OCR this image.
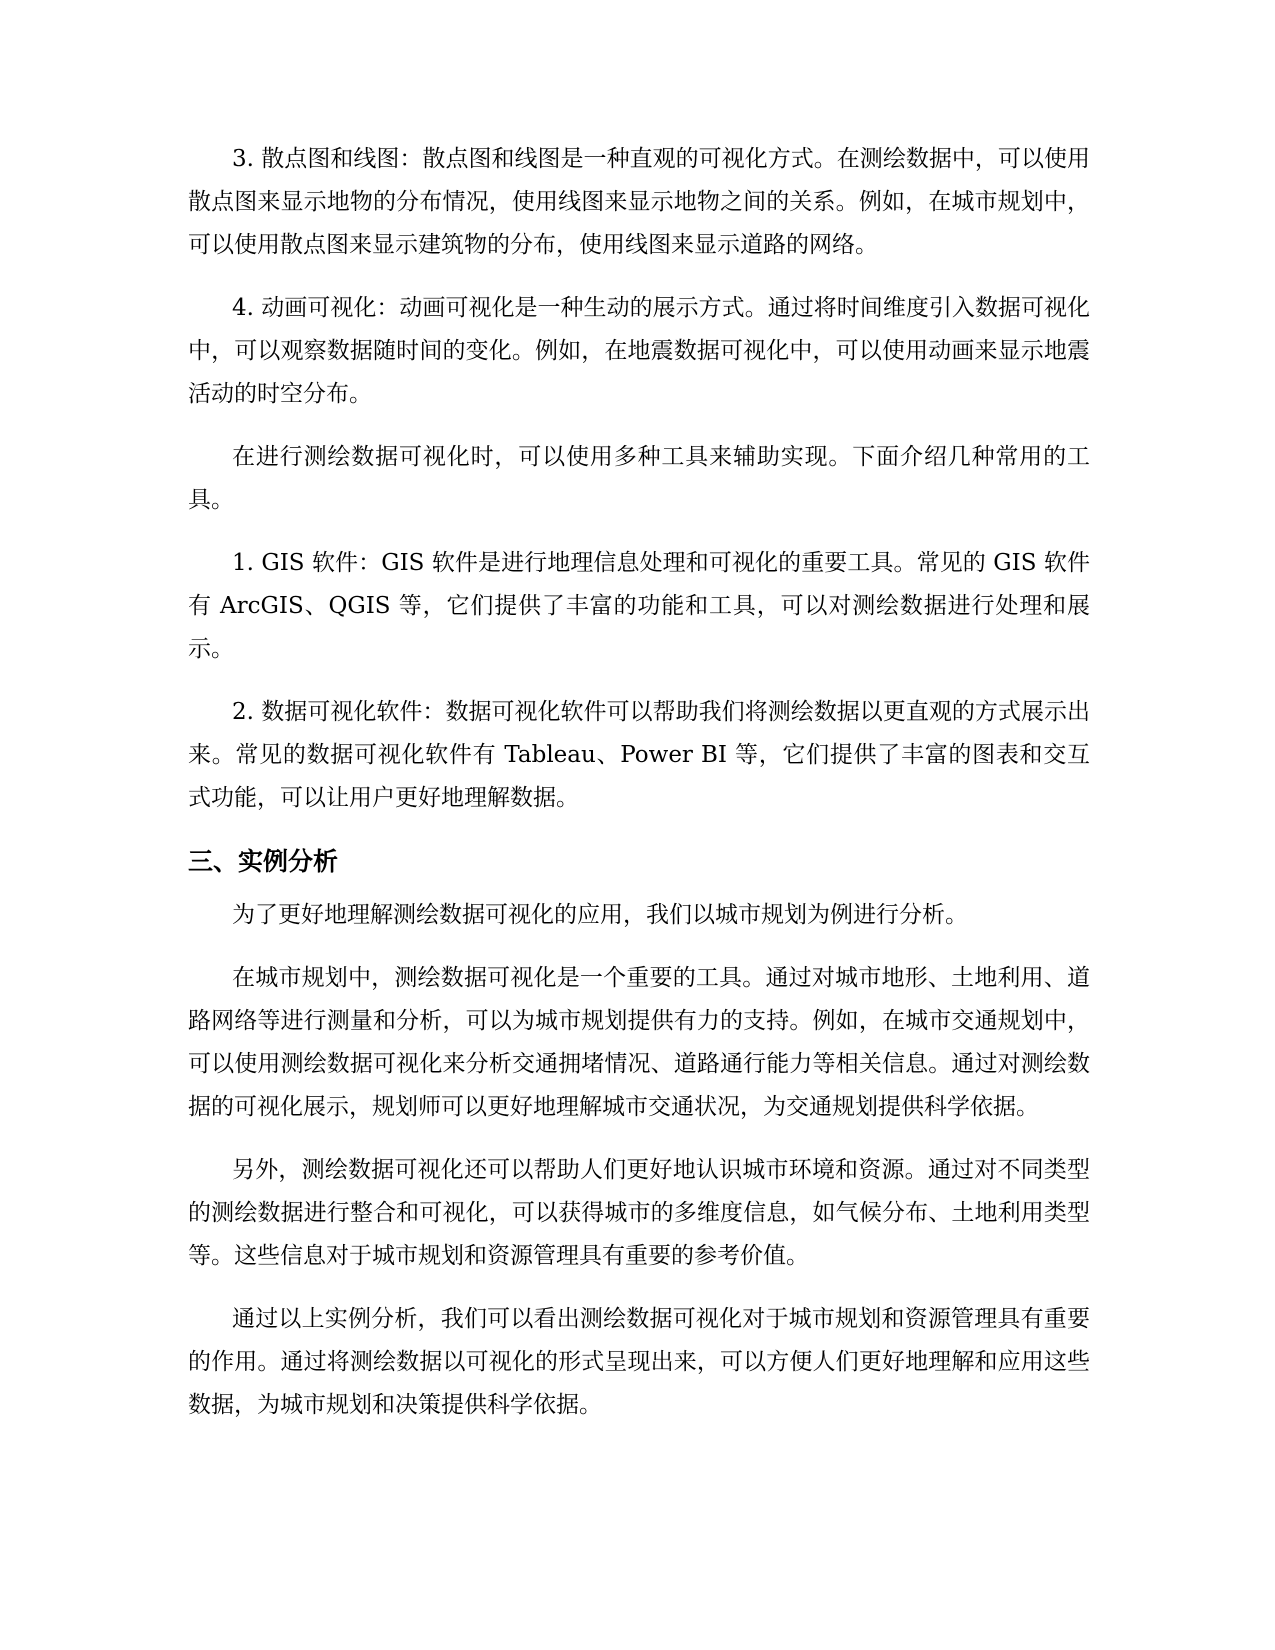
3. 散点图和线图：散点图和线图是一种直观的可视化方式。在测绘数据中，可以使用散点图来显示地物的分布情况，使用线图来显示地物之间的关系。例如，在城市规划中，可以使用散点图来显示建筑物的分布，使用线图来显示道路的网络。

4. 动画可视化：动画可视化是一种生动的展示方式。通过将时间维度引入数据可视化中，可以观察数据随时间的变化。例如，在地震数据可视化中，可以使用动画来显示地震活动的时空分布。

在进行测绘数据可视化时，可以使用多种工具来辅助实现。下面介绍几种常用的工具。

1. GIS 软件：GIS 软件是进行地理信息处理和可视化的重要工具。常见的 GIS 软件有 ArcGIS、QGIS 等，它们提供了丰富的功能和工具，可以对测绘数据进行处理和展示。

2. 数据可视化软件：数据可视化软件可以帮助我们将测绘数据以更直观的方式展示出来。常见的数据可视化软件有 Tableau、Power BI 等，它们提供了丰富的图表和交互式功能，可以让用户更好地理解数据。

三、实例分析

为了更好地理解测绘数据可视化的应用，我们以城市规划为例进行分析。

在城市规划中，测绘数据可视化是一个重要的工具。通过对城市地形、土地利用、道路网络等进行测量和分析，可以为城市规划提供有力的支持。例如，在城市交通规划中，可以使用测绘数据可视化来分析交通拥堵情况、道路通行能力等相关信息。通过对测绘数据的可视化展示，规划师可以更好地理解城市交通状况，为交通规划提供科学依据。

另外，测绘数据可视化还可以帮助人们更好地认识城市环境和资源。通过对不同类型的测绘数据进行整合和可视化，可以获得城市的多维度信息，如气候分布、土地利用类型等。这些信息对于城市规划和资源管理具有重要的参考价值。

通过以上实例分析，我们可以看出测绘数据可视化对于城市规划和资源管理具有重要的作用。通过将测绘数据以可视化的形式呈现出来，可以方便人们更好地理解和应用这些数据，为城市规划和决策提供科学依据。
